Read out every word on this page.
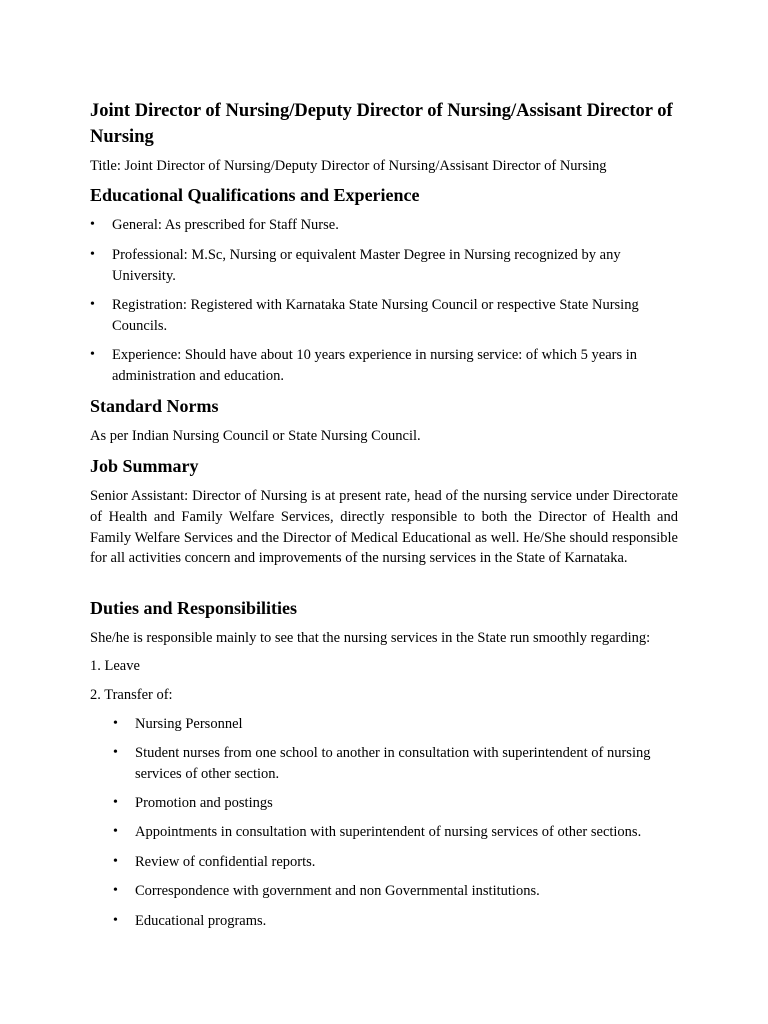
Joint Director of Nursing/Deputy Director of Nursing/Assisant Director of Nursing

Title: Joint Director of Nursing/Deputy Director of Nursing/Assisant Director of Nursing

Educational Qualifications and Experience
•	General: As prescribed for Staff Nurse.
•	Professional: M.Sc, Nursing or equivalent Master Degree in Nursing recognized by any University.
•	Registration: Registered with Karnataka State Nursing Council or respective State Nursing Councils.
•	Experience: Should have about 10 years experience in nursing service: of which 5 years in administration and education.
Standard Norms

As per Indian Nursing Council or State Nursing Council.

Job Summary

Senior Assistant: Director of Nursing is at present rate, head of the nursing service under Directorate of Health and Family Welfare Services, directly responsible to both the Director of Health and Family Welfare Services and the Director of Medical Educational as well. He/She should responsible for all activities concern and improvements of the nursing services in the State of Karnataka.

Duties and Responsibilities

She/he is responsible mainly to see that the nursing services in the State run smoothly regarding:

1. Leave

2. Transfer of:

•	Nursing Personnel
•	Student nurses from one school to another in consultation with superintendent of nursing services of other section.
•	Promotion and postings
•	Appointments in consultation with superintendent of nursing services of other sections.
•	Review of confidential reports.
•	Correspondence with government and non Governmental institutions.
•	Educational programs.
